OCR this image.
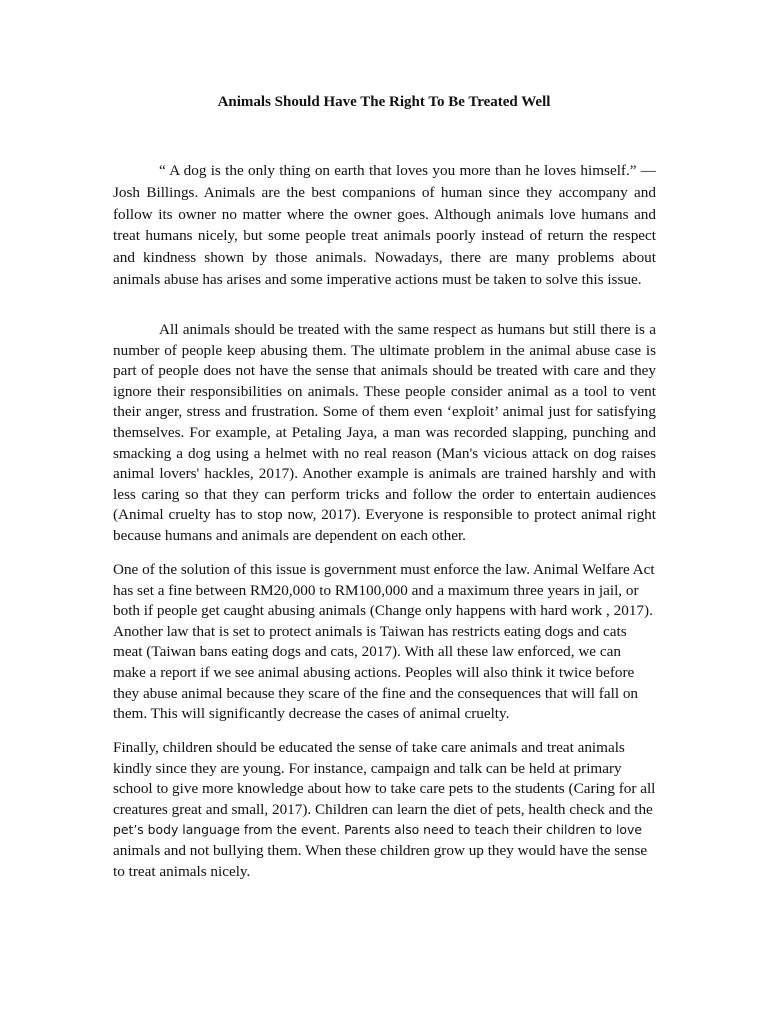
Animals Should Have The Right To Be Treated Well

“ A dog is the only thing on earth that loves you more than he loves himself.” — Josh Billings. Animals are the best companions of human since they accompany and follow its owner no matter where the owner goes. Although animals love humans and treat humans nicely, but some people treat animals poorly instead of return the respect and kindness shown by those animals. Nowadays, there are many problems about animals abuse has arises and some imperative actions must be taken to solve this issue.

All animals should be treated with the same respect as humans but still there is a number of people keep abusing them. The ultimate problem in the animal abuse case is part of people does not have the sense that animals should be treated with care and they ignore their responsibilities on animals. These people consider animal as a tool to vent their anger, stress and frustration. Some of them even ‘exploit’ animal just for satisfying themselves. For example, at Petaling Jaya, a man was recorded slapping, punching and smacking a dog using a helmet with no real reason (Man's vicious attack on dog raises animal lovers' hackles, 2017). Another example is animals are trained harshly and with less caring so that they can perform tricks and follow the order to entertain audiences (Animal cruelty has to stop now, 2017). Everyone is responsible to protect animal right because humans and animals are dependent on each other.

One of the solution of this issue is government must enforce the law. Animal Welfare Act has set a fine between RM20,000 to RM100,000 and a maximum three years in jail, or both if people get caught abusing animals (Change only happens with hard work , 2017). Another law that is set to protect animals is Taiwan has restricts eating dogs and cats meat (Taiwan bans eating dogs and cats, 2017). With all these law enforced, we can make a report if we see animal abusing actions. Peoples will also think it twice before they abuse animal because they scare of the fine and the consequences that will fall on them. This will significantly decrease the cases of animal cruelty.

Finally, children should be educated the sense of take care animals and treat animals
kindly since they are young. For instance, campaign and talk can be held at primary
school to give more knowledge about how to take care pets to the students (Caring for all
creatures great and small, 2017). Children can learn the diet of pets, health check and the
pet’s body language from the event. Parents also need to teach their children to love
animals and not bullying them. When these children grow up they would have the sense
to treat animals nicely.
